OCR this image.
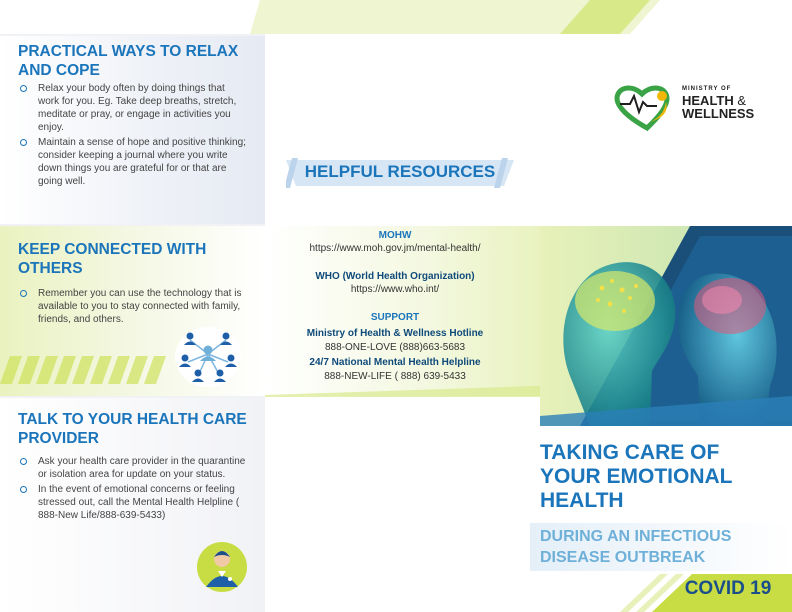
PRACTICAL WAYS TO RELAX AND COPE
Relax your body often by doing things that work for you. Eg. Take deep breaths, stretch, meditate or pray, or engage in activities you enjoy.
Maintain a sense of hope and positive thinking; consider keeping a journal where you write down things you are grateful for or that are going well.
KEEP CONNECTED WITH OTHERS
Remember you can use the technology that is available to you to stay connected with family, friends, and others.
TALK TO YOUR HEALTH CARE PROVIDER
Ask your health care provider in the quarantine or isolation area for update on your status.
In the event of emotional concerns or feeling stressed out, call the Mental Health Helpline ( 888-New Life/888-639-5433)
HELPFUL RESOURCES
MOHW
https://www.moh.gov.jm/mental-health/
WHO (World Health Organization)
https://www.who.int/
SUPPORT
Ministry of Health & Wellness Hotline
888-ONE-LOVE (888)663-5683
24/7 National Mental Health Helpline
888-NEW-LIFE ( 888) 639-5433
MINISTRY OF
HEALTH &
WELLNESS
TAKING CARE OF
YOUR EMOTIONAL
HEALTH
DURING AN INFECTIOUS
DISEASE OUTBREAK
COVID 19
